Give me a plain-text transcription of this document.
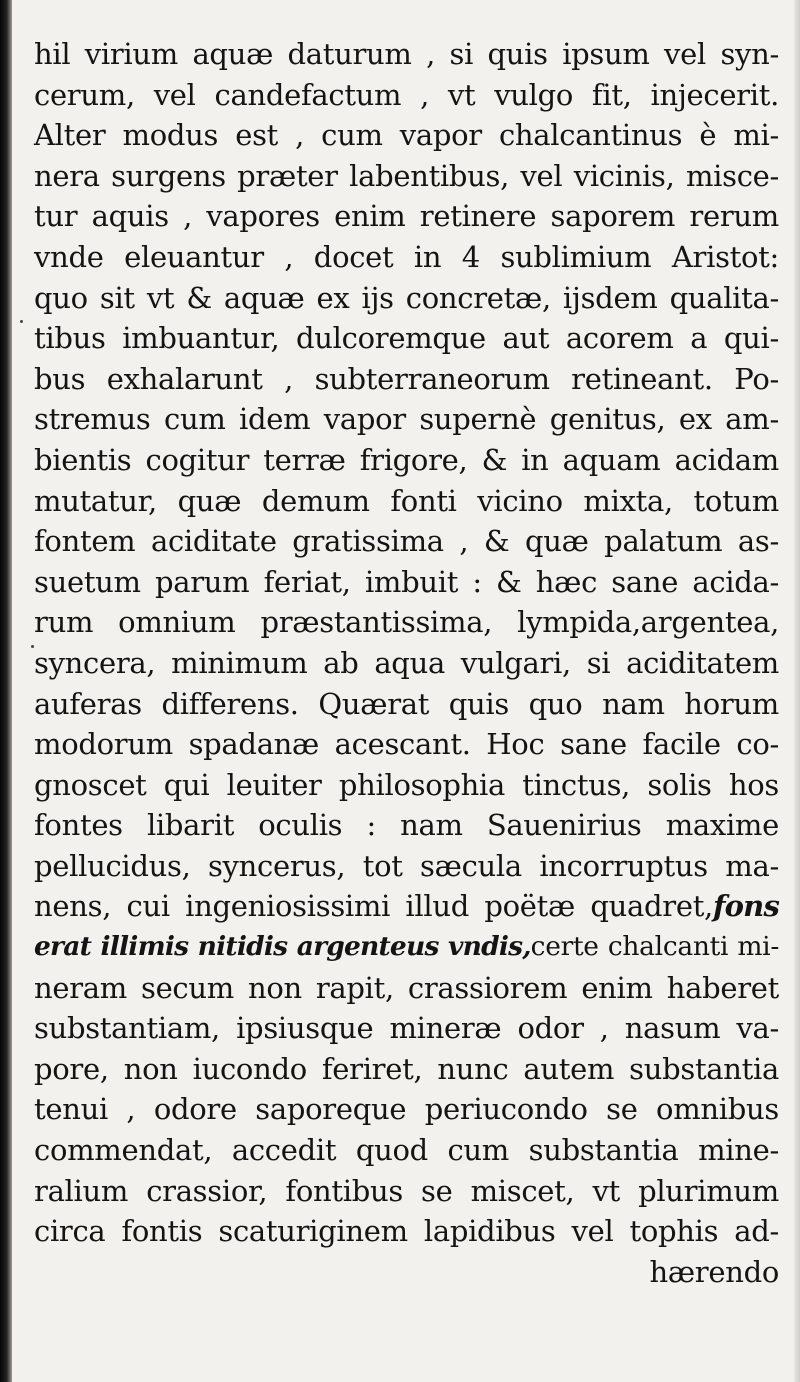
hil virium aquæ daturum , si quis ipsum vel syn-
cerum, vel candefactum , vt vulgo fit, injecerit.
Alter modus est , cum vapor chalcantinus è mi-
nera surgens præter labentibus, vel vicinis, misce-
tur aquis , vapores enim retinere saporem rerum
vnde eleuantur , docet in 4 sublimium Aristot:
quo sit vt & aquæ ex ijs concretæ, ijsdem qualita-
tibus imbuantur, dulcoremque aut acorem a qui-
bus exhalarunt , subterraneorum retineant. Po-
stremus cum idem vapor supernè genitus, ex am-
bientis cogitur terræ frigore, & in aquam acidam
mutatur, quæ demum fonti vicino mixta, totum
fontem aciditate gratissima , & quæ palatum as-
suetum parum feriat, imbuit : & hæc sane acida-
rum omnium præstantissima, lympida,argentea,
syncera, minimum ab aqua vulgari, si aciditatem
auferas differens. Quærat quis quo nam horum
modorum spadanæ acescant. Hoc sane facile co-
gnoscet qui leuiter philosophia tinctus, solis hos
fontes libarit oculis : nam Sauenirius maxime
pellucidus, syncerus, tot sæcula incorruptus ma-
nens, cui ingeniosissimi illud poëtæ quadret,fons
erat illimis nitidis argenteus vndis,certe chalcanti mi-
neram secum non rapit, crassiorem enim haberet
substantiam, ipsiusque mineræ odor , nasum va-
pore, non iucondo feriret, nunc autem substantia
tenui , odore saporeque periucondo se omnibus
commendat, accedit quod cum substantia mine-
ralium crassior, fontibus se miscet, vt plurimum
circa fontis scaturiginem lapidibus vel tophis ad-
hærendo
